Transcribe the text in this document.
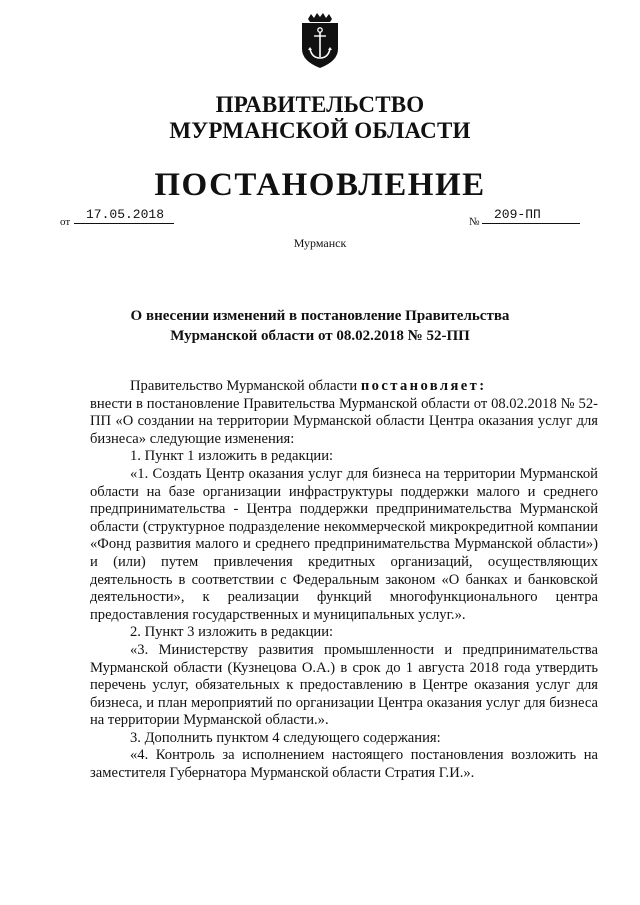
ПРАВИТЕЛЬСТВО
МУРМАНСКОЙ ОБЛАСТИ
ПОСТАНОВЛЕНИЕ
от	17.05.2018	№	209-ПП
Мурманск
О внесении изменений в постановление Правительства Мурманской области от 08.02.2018 № 52-ПП

Правительство Мурманской области постановляет:

внести в постановление Правительства Мурманской области от 08.02.2018 № 52-ПП «О создании на территории Мурманской области Центра оказания услуг для бизнеса» следующие изменения:

1. Пункт 1 изложить в редакции:

«1. Создать Центр оказания услуг для бизнеса на территории Мурманской области на базе организации инфраструктуры поддержки малого и среднего предпринимательства - Центра поддержки предпринимательства Мурманской области (структурное подразделение некоммерческой микрокредитной компании «Фонд развития малого и среднего предпринимательства Мурманской области») и (или) путем привлечения кредитных организаций, осуществляющих деятельность в соответствии с Федеральным законом «О банках и банковской деятельности», к реализации функций многофункционального центра предоставления государственных и муниципальных услуг.».

2. Пункт 3 изложить в редакции:

«3. Министерству развития промышленности и предпринимательства Мурманской области (Кузнецова О.А.) в срок до 1 августа 2018 года утвердить перечень услуг, обязательных к предоставлению в Центре оказания услуг для бизнеса, и план мероприятий по организации Центра оказания услуг для бизнеса на территории Мурманской области.».

3. Дополнить пунктом 4 следующего содержания:

«4. Контроль за исполнением настоящего постановления возложить на заместителя Губернатора Мурманской области Стратия Г.И.».
